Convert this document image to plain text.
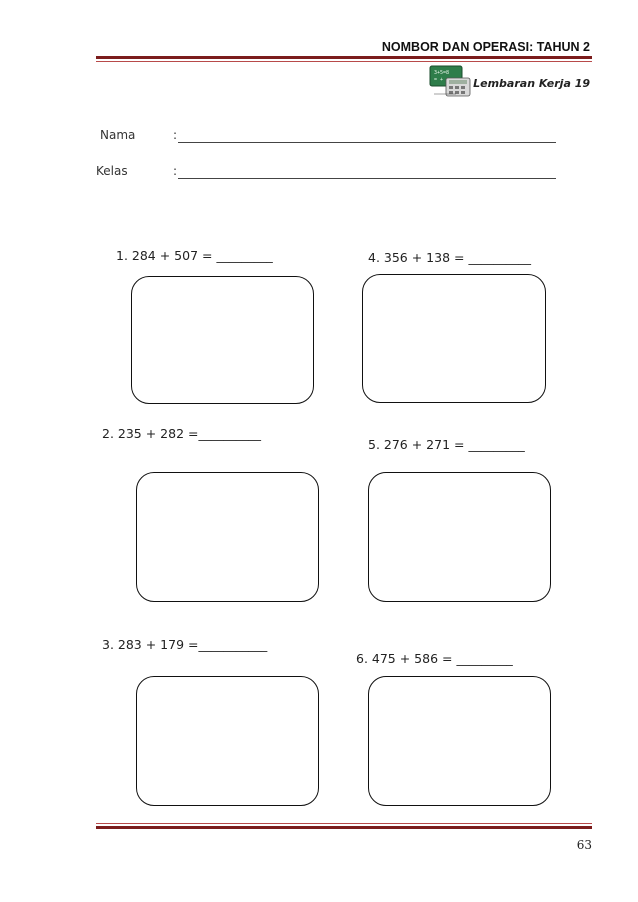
NOMBOR DAN OPERASI: TAHUN 2
3+5=8
= +	Lembaran Kerja 19
Nama	:
Kelas	:
1. 284 + 507 = _________
2. 235 + 282 =__________
3. 283 + 179 =___________
4. 356 + 138 = __________
5. 276 + 271 = _________
6. 475 + 586 = _________
63
